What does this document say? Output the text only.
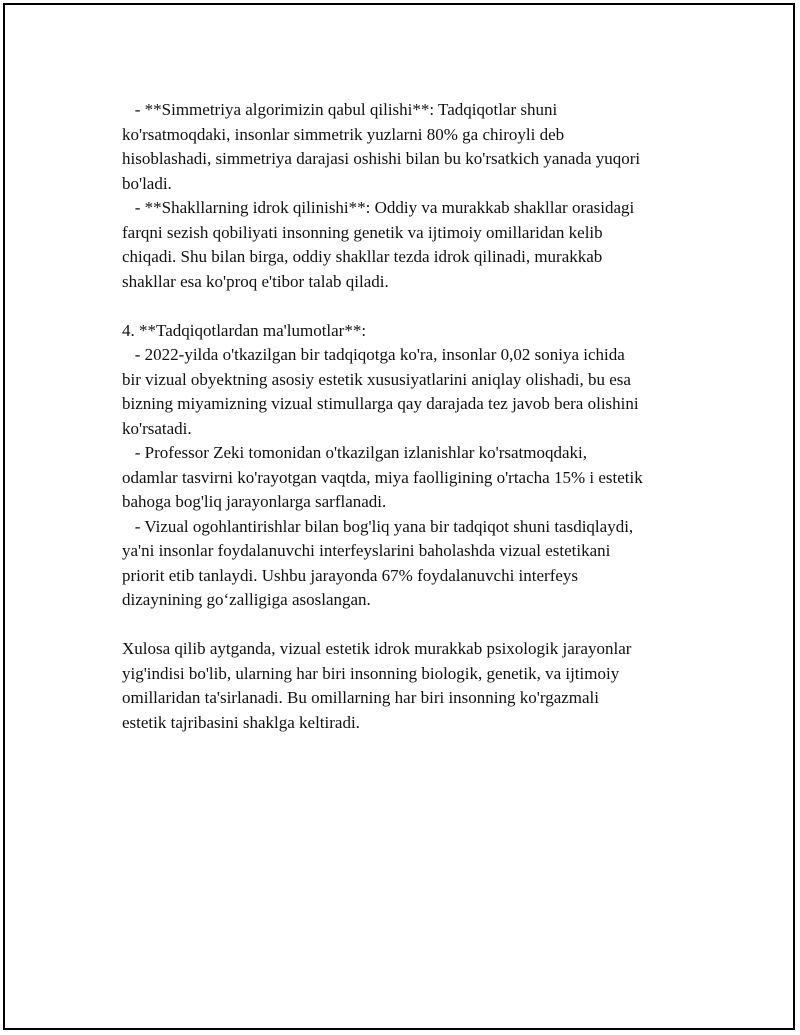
- **Simmetriya algorimizin qabul qilishi**: Tadqiqotlar shuni
ko'rsatmoqdaki, insonlar simmetrik yuzlarni 80% ga chiroyli deb
hisoblashadi, simmetriya darajasi oshishi bilan bu ko'rsatkich yanada yuqori
bo'ladi.
- **Shakllarning idrok qilinishi**: Oddiy va murakkab shakllar orasidagi
farqni sezish qobiliyati insonning genetik va ijtimoiy omillaridan kelib
chiqadi. Shu bilan birga, oddiy shakllar tezda idrok qilinadi, murakkab
shakllar esa ko'proq e'tibor talab qiladi.
4. **Tadqiqotlardan ma'lumotlar**:
- 2022-yilda o'tkazilgan bir tadqiqotga ko'ra, insonlar 0,02 soniya ichida
bir vizual obyektning asosiy estetik xususiyatlarini aniqlay olishadi, bu esa
bizning miyamizning vizual stimullarga qay darajada tez javob bera olishini
ko'rsatadi.
- Professor Zeki tomonidan o'tkazilgan izlanishlar ko'rsatmoqdaki,
odamlar tasvirni ko'rayotgan vaqtda, miya faolligining o'rtacha 15% i estetik
bahoga bog'liq jarayonlarga sarflanadi.
- Vizual ogohlantirishlar bilan bog'liq yana bir tadqiqot shuni tasdiqlaydi,
ya'ni insonlar foydalanuvchi interfeyslarini baholashda vizual estetikani
priorit etib tanlaydi. Ushbu jarayonda 67% foydalanuvchi interfeys
dizaynining go‘zalligiga asoslangan.
Xulosa qilib aytganda, vizual estetik idrok murakkab psixologik jarayonlar
yig'indisi bo'lib, ularning har biri insonning biologik, genetik, va ijtimoiy
omillaridan ta'sirlanadi. Bu omillarning har biri insonning ko'rgazmali
estetik tajribasini shaklga keltiradi.
